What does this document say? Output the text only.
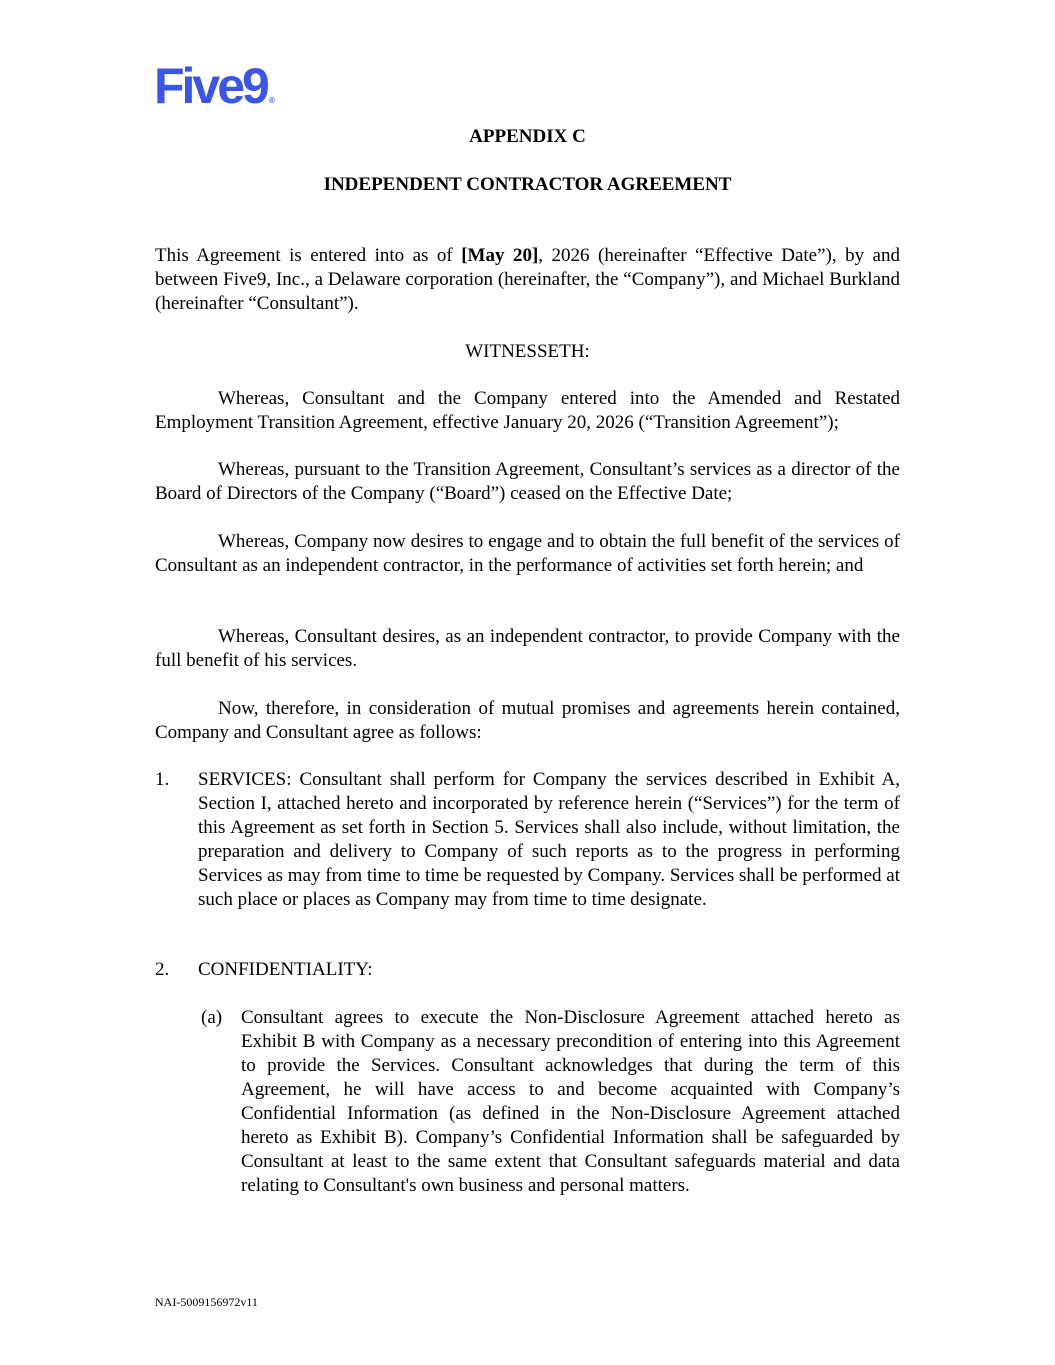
Five9 ®

APPENDIX C

INDEPENDENT CONTRACTOR AGREEMENT

This Agreement is entered into as of [May 20], 2026 (hereinafter “Effective Date”), by and between Five9, Inc., a Delaware corporation (hereinafter, the “Company”), and Michael Burkland (hereinafter “Consultant”).

WITNESSETH:

Whereas, Consultant and the Company entered into the Amended and Restated Employment Transition Agreement, effective January 20, 2026 (“Transition Agreement”);

Whereas, pursuant to the Transition Agreement, Consultant’s services as a director of the Board of Directors of the Company (“Board”) ceased on the Effective Date;

Whereas, Company now desires to engage and to obtain the full benefit of the services of Consultant as an independent contractor, in the performance of activities set forth herein; and

Whereas, Consultant desires, as an independent contractor, to provide Company with the full benefit of his services.

Now, therefore, in consideration of mutual promises and agreements herein contained, Company and Consultant agree as follows:

1. SERVICES: Consultant shall perform for Company the services described in Exhibit A, Section I, attached hereto and incorporated by reference herein (“Services”) for the term of this Agreement as set forth in Section 5. Services shall also include, without limitation, the preparation and delivery to Company of such reports as to the progress in performing Services as may from time to time be requested by Company. Services shall be performed at such place or places as Company may from time to time designate.

2. CONFIDENTIALITY:

(a) Consultant agrees to execute the Non-Disclosure Agreement attached hereto as Exhibit B with Company as a necessary precondition of entering into this Agreement to provide the Services. Consultant acknowledges that during the term of this Agreement, he will have access to and become acquainted with Company’s Confidential Information (as defined in the Non-Disclosure Agreement attached hereto as Exhibit B). Company’s Confidential Information shall be safeguarded by Consultant at least to the same extent that Consultant safeguards material and data relating to Consultant's own business and personal matters.

NAI-5009156972v11
